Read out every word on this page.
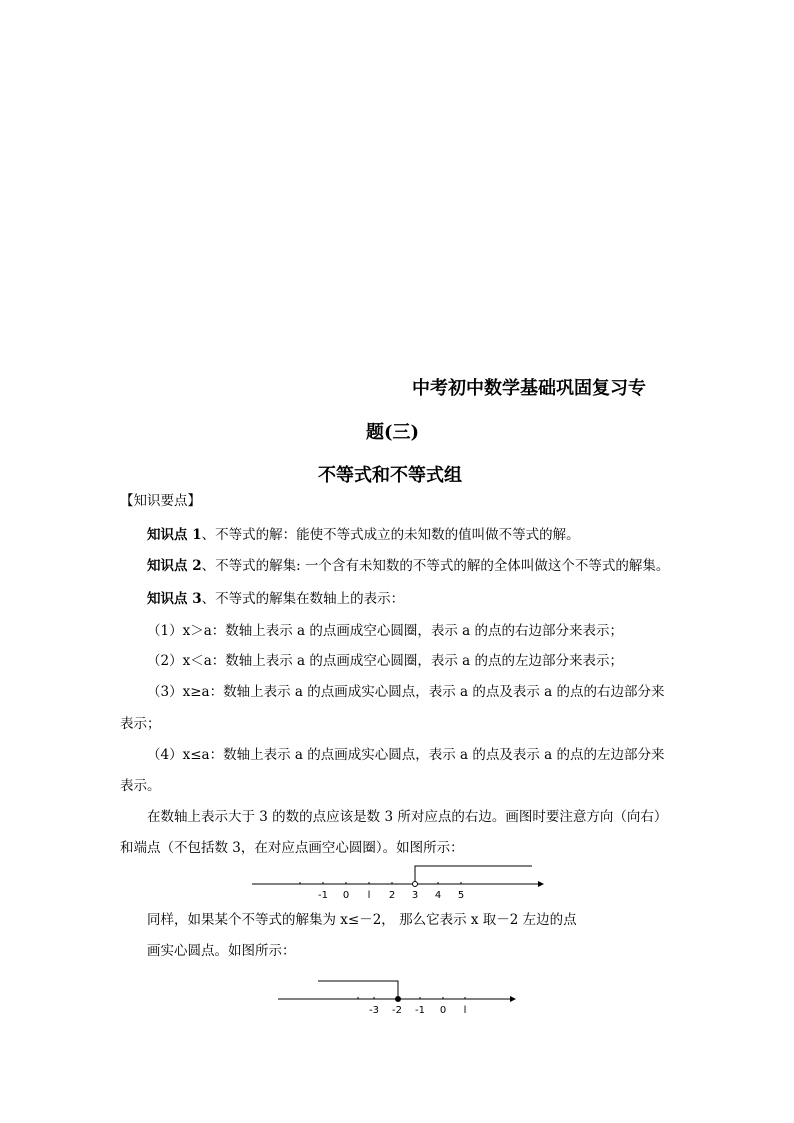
中考初中数学基础巩固复习专
题(三)
不等式和不等式组
【知识要点】
知识点 1、不等式的解：能使不等式成立的未知数的值叫做不等式的解。
知识点 2、不等式的解集: 一个含有未知数的不等式的解的全体叫做这个不等式的解集。
知识点 3、不等式的解集在数轴上的表示：
（1）x＞a：数轴上表示 a 的点画成空心圆圈，表示 a 的点的右边部分来表示；
（2）x＜a：数轴上表示 a 的点画成空心圆圈，表示 a 的点的左边部分来表示；
（3）x≥a：数轴上表示 a 的点画成实心圆点，表示 a 的点及表示 a 的点的右边部分来
表示；
（4）x≤a：数轴上表示 a 的点画成实心圆点，表示 a 的点及表示 a 的点的左边部分来
表示。
在数轴上表示大于 3 的数的点应该是数 3 所对应点的右边。画图时要注意方向（向右）
和端点（不包括数 3，在对应点画空心圆圈）。如图所示：
-1 0 l 2 3 4 5
同样，如果某个不等式的解集为 x≤－2， 那么它表示 x 取－2 左边的点
画实心圆点。如图所示：
-3 -2 -1 0 l
